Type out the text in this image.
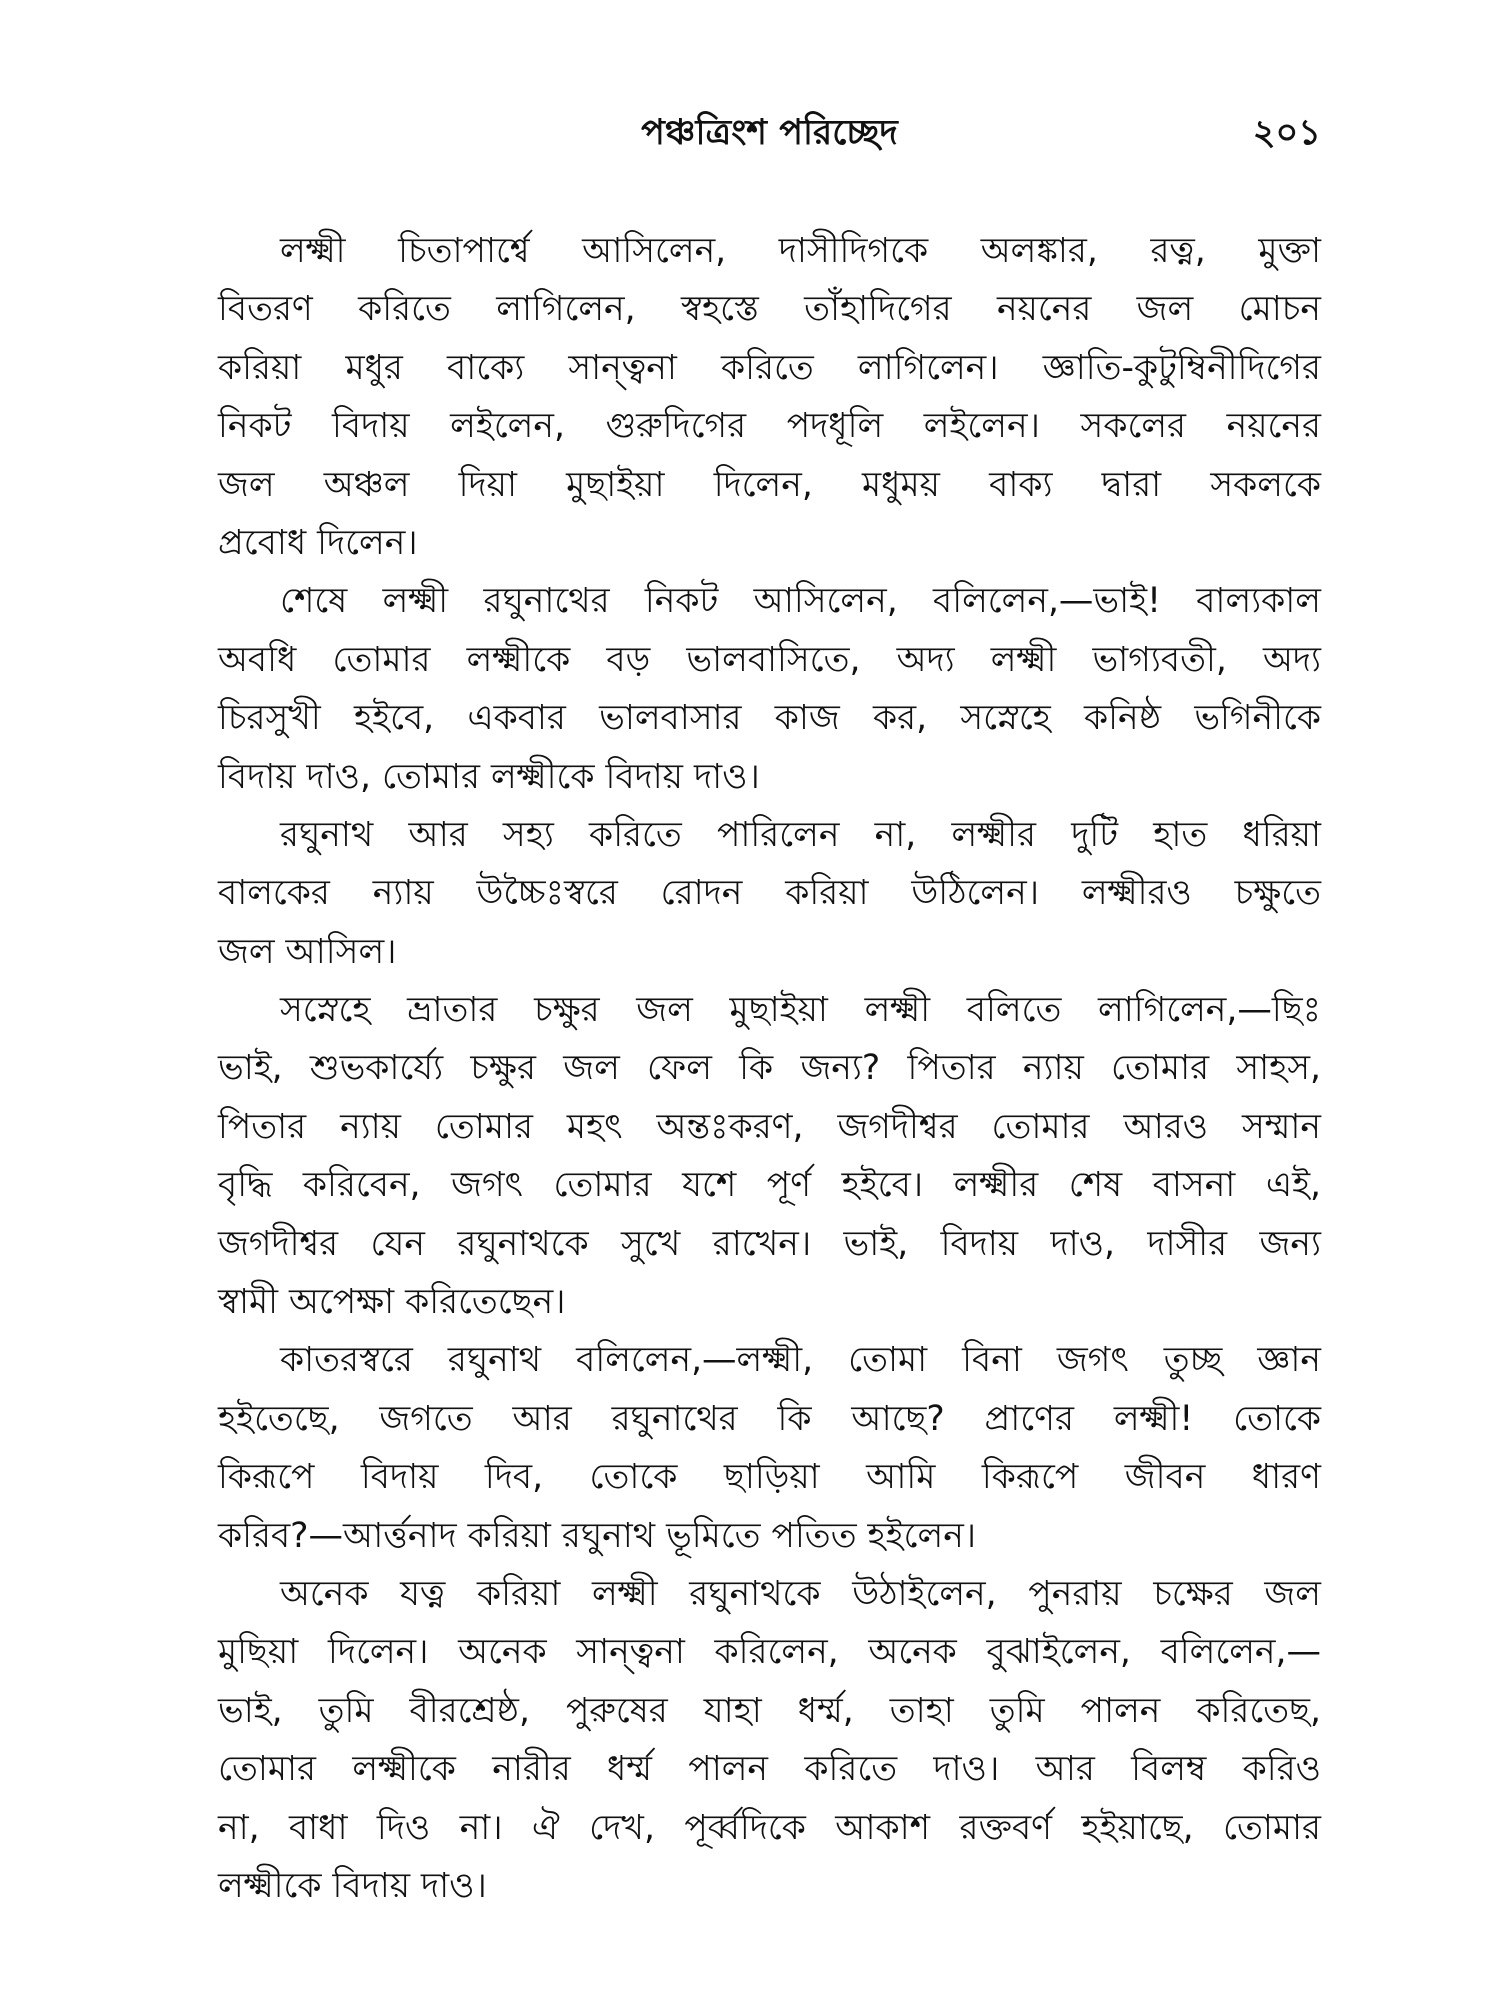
পঞ্চত্রিংশ পরিচ্ছেদ	২০১
লক্ষ্মী চিতাপার্শ্বে আসিলেন, দাসীদিগকে অলঙ্কার, রত্ন, মুক্তা
বিতরণ করিতে লাগিলেন, স্বহস্তে তাঁহাদিগের নয়নের জল মোচন
করিয়া মধুর বাক্যে সান্ত্বনা করিতে লাগিলেন। জ্ঞাতি-কুটুম্বিনীদিগের
নিকট বিদায় লইলেন, গুরুদিগের পদধূলি লইলেন। সকলের নয়নের
জল অঞ্চল দিয়া মুছাইয়া দিলেন, মধুময় বাক্য দ্বারা সকলকে
প্রবোধ দিলেন।
শেষে লক্ষ্মী রঘুনাথের নিকট আসিলেন, বলিলেন,—ভাই! বাল্যকাল
অবধি তোমার লক্ষ্মীকে বড় ভালবাসিতে, অদ্য লক্ষ্মী ভাগ্যবতী, অদ্য
চিরসুখী হইবে, একবার ভালবাসার কাজ কর, সস্নেহে কনিষ্ঠ ভগিনীকে
বিদায় দাও, তোমার লক্ষ্মীকে বিদায় দাও।
রঘুনাথ আর সহ্য করিতে পারিলেন না, লক্ষ্মীর দুটি হাত ধরিয়া
বালকের ন্যায় উচ্চৈঃস্বরে রোদন করিয়া উঠিলেন। লক্ষ্মীরও চক্ষুতে
জল আসিল।
সস্নেহে ভ্রাতার চক্ষুর জল মুছাইয়া লক্ষ্মী বলিতে লাগিলেন,—ছিঃ
ভাই, শুভকার্য্যে চক্ষুর জল ফেল কি জন্য? পিতার ন্যায় তোমার সাহস,
পিতার ন্যায় তোমার মহৎ অন্তঃকরণ, জগদীশ্বর তোমার আরও সম্মান
বৃদ্ধি করিবেন, জগৎ তোমার যশে পূর্ণ হইবে। লক্ষ্মীর শেষ বাসনা এই,
জগদীশ্বর যেন রঘুনাথকে সুখে রাখেন। ভাই, বিদায় দাও, দাসীর জন্য
স্বামী অপেক্ষা করিতেছেন।
কাতরস্বরে রঘুনাথ বলিলেন,—লক্ষ্মী, তোমা বিনা জগৎ তুচ্ছ জ্ঞান
হইতেছে, জগতে আর রঘুনাথের কি আছে? প্রাণের লক্ষ্মী! তোকে
কিরূপে বিদায় দিব, তোকে ছাড়িয়া আমি কিরূপে জীবন ধারণ
করিব?—আর্ত্তনাদ করিয়া রঘুনাথ ভূমিতে পতিত হইলেন।
অনেক যত্ন করিয়া লক্ষ্মী রঘুনাথকে উঠাইলেন, পুনরায় চক্ষের জল
মুছিয়া দিলেন। অনেক সান্ত্বনা করিলেন, অনেক বুঝাইলেন, বলিলেন,—
ভাই, তুমি বীরশ্রেষ্ঠ, পুরুষের যাহা ধর্ম্ম, তাহা তুমি পালন করিতেছ,
তোমার লক্ষ্মীকে নারীর ধর্ম্ম পালন করিতে দাও। আর বিলম্ব করিও
না, বাধা দিও না। ঐ দেখ, পূর্ব্বদিকে আকাশ রক্তবর্ণ হইয়াছে, তোমার
লক্ষ্মীকে বিদায় দাও।
